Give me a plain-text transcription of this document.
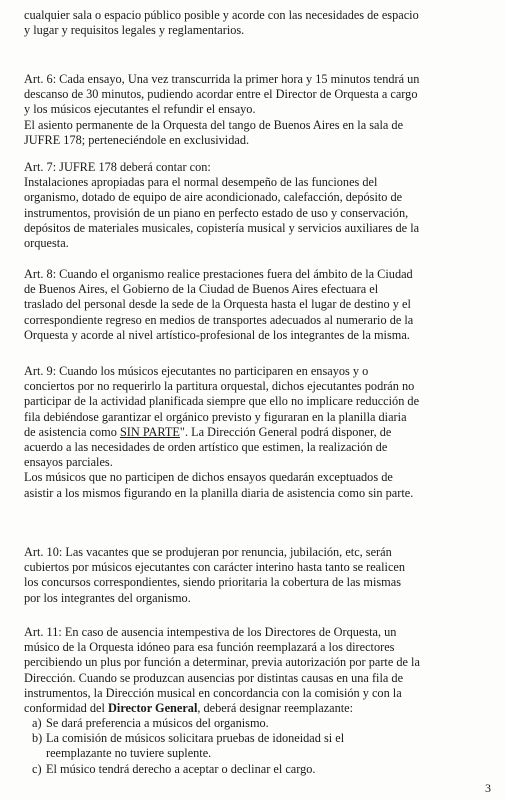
cualquier sala o espacio público posible y acorde con las necesidades de espacio
y lugar y requisitos legales y reglamentarios.

Art. 6: Cada ensayo, Una vez transcurrida la primer hora y 15 minutos tendrá un
descanso de 30 minutos, pudiendo acordar entre el Director de Orquesta a cargo
y los músicos ejecutantes el refundir el ensayo.
El asiento permanente de la Orquesta del tango de Buenos Aires en la sala de
JUFRE 178; perteneciéndole en exclusividad.

Art. 7: JUFRE 178 deberá contar con:
Instalaciones apropiadas para el normal desempeño de las funciones del
organismo, dotado de equipo de aire acondicionado, calefacción, depósito de
instrumentos, provisión de un piano en perfecto estado de uso y conservación,
depósitos de materiales musicales, copistería musical y servicios auxiliares de la
orquesta.

Art. 8: Cuando el organismo realice prestaciones fuera del ámbito de la Ciudad
de Buenos Aires, el Gobierno de la Ciudad de Buenos Aires efectuara el
traslado del personal desde la sede de la Orquesta hasta el lugar de destino y el
correspondiente regreso en medios de transportes adecuados al numerario de la
Orquesta y acorde al nivel artístico-profesional de los integrantes de la misma.

Art. 9: Cuando los músicos ejecutantes no participaren en ensayos y o
conciertos por no requerirlo la partitura orquestal, dichos ejecutantes podrán no
participar de la actividad planificada siempre que ello no implicare reducción de
fila debiéndose garantizar el orgánico previsto y figuraran en la planilla diaria
de asistencia como SIN PARTE". La Dirección General podrá disponer, de
acuerdo a las necesidades de orden artístico que estimen, la realización de
ensayos parciales.
Los músicos que no participen de dichos ensayos quedarán exceptuados de
asistir a los mismos figurando en la planilla diaria de asistencia como sin parte.

Art. 10: Las vacantes que se produjeran por renuncia, jubilación, etc, serán
cubiertos por músicos ejecutantes con carácter interino hasta tanto se realicen
los concursos correspondientes, siendo prioritaria la cobertura de las mismas
por los integrantes del organismo.

Art. 11: En caso de ausencia intempestiva de los Directores de Orquesta, un
músico de la Orquesta idóneo para esa función reemplazará a los directores
percibiendo un plus por función a determinar, previa autorización por parte de la
Dirección. Cuando se produzcan ausencias por distintas causas en una fila de
instrumentos, la Dirección musical en concordancia con la comisión y con la
conformidad del Director General, deberá designar reemplazante:

a) Se dará preferencia a músicos del organismo.
b) La comisión de músicos solicitara pruebas de idoneidad si el
reemplazante no tuviere suplente.
c) El músico tendrá derecho a aceptar o declinar el cargo.
3
